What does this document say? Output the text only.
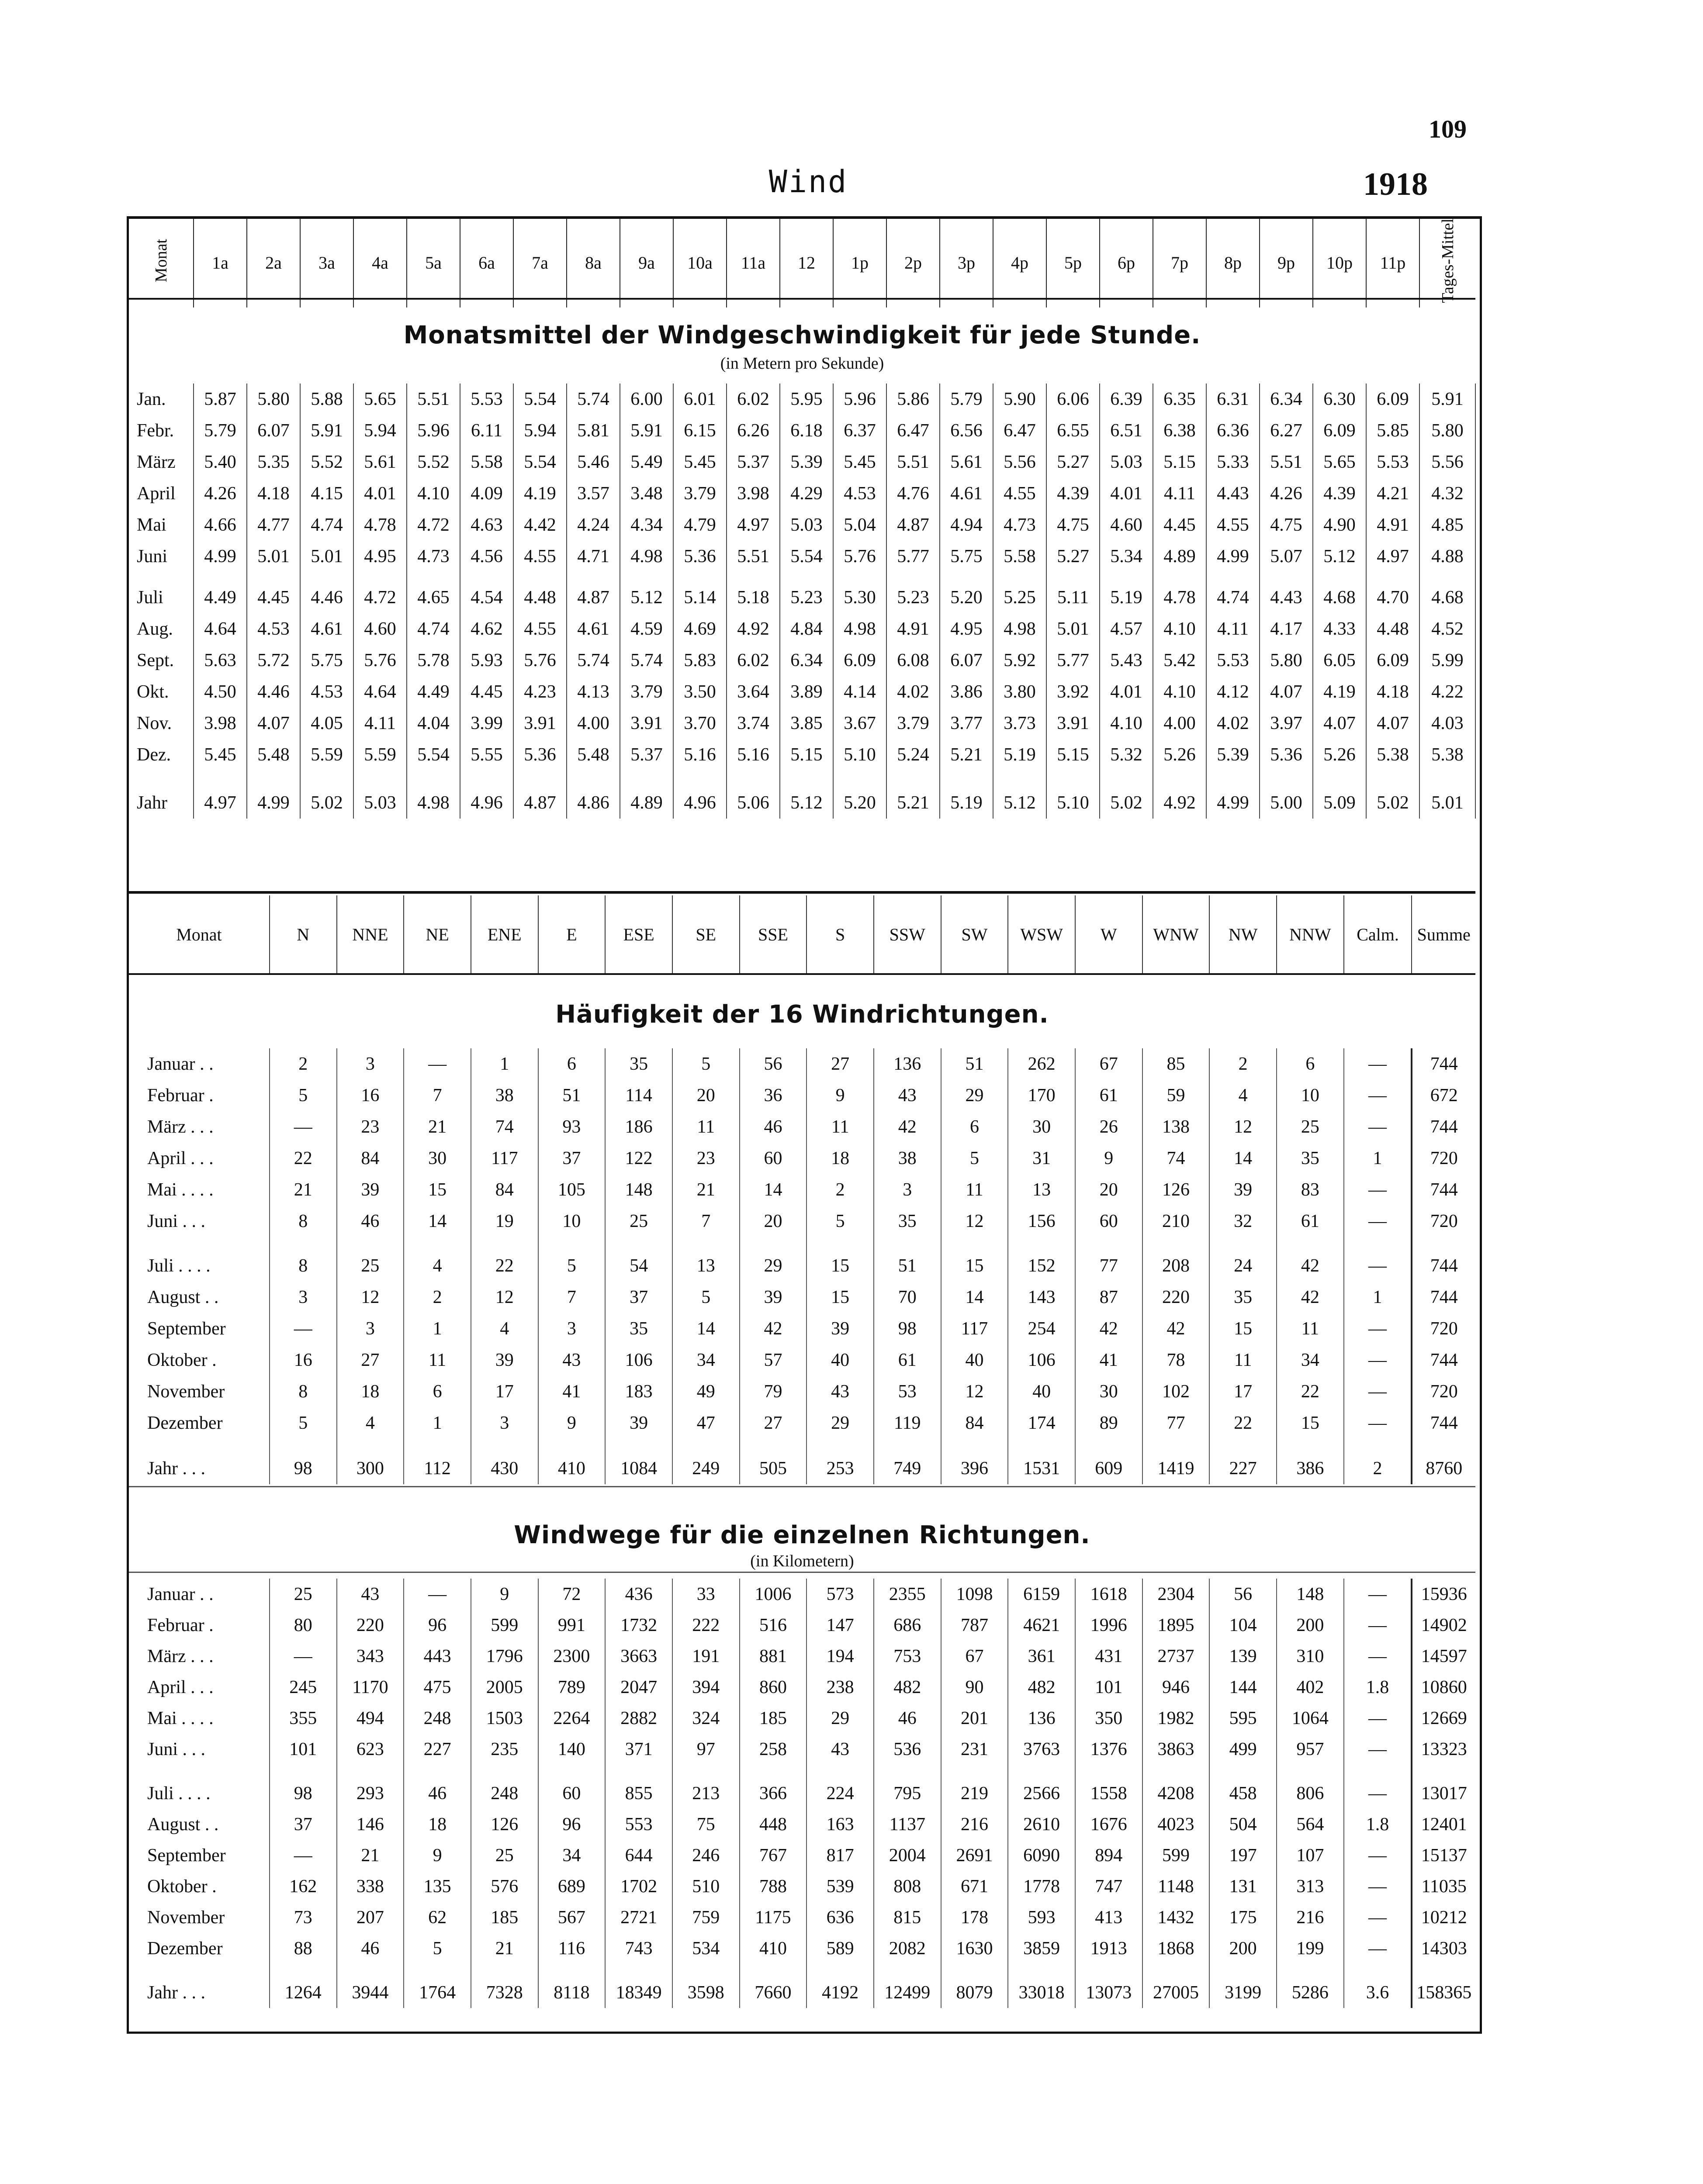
109
Wind	1918
Monat	1a	2a	3a	4a	5a	6a	7a	8a	9a	10a	11a	12	1p	2p	3p	4p	5p	6p	7p	8p	9p	10p	11p	Tages-Mittel
Monatsmittel der Windgeschwindigkeit für jede Stunde.
(in Metern pro Sekunde)
Jan.	5.87	5.80	5.88	5.65	5.51	5.53	5.54	5.74	6.00	6.01	6.02	5.95	5.96	5.86	5.79	5.90	6.06	6.39	6.35	6.31	6.34	6.30	6.09	5.91	
Febr.	5.79	6.07	5.91	5.94	5.96	6.11	5.94	5.81	5.91	6.15	6.26	6.18	6.37	6.47	6.56	6.47	6.55	6.51	6.38	6.36	6.27	6.09	5.85	5.80	
März	5.40	5.35	5.52	5.61	5.52	5.58	5.54	5.46	5.49	5.45	5.37	5.39	5.45	5.51	5.61	5.56	5.27	5.03	5.15	5.33	5.51	5.65	5.53	5.56	
April	4.26	4.18	4.15	4.01	4.10	4.09	4.19	3.57	3.48	3.79	3.98	4.29	4.53	4.76	4.61	4.55	4.39	4.01	4.11	4.43	4.26	4.39	4.21	4.32	
Mai	4.66	4.77	4.74	4.78	4.72	4.63	4.42	4.24	4.34	4.79	4.97	5.03	5.04	4.87	4.94	4.73	4.75	4.60	4.45	4.55	4.75	4.90	4.91	4.85	
Juni	4.99	5.01	5.01	4.95	4.73	4.56	4.55	4.71	4.98	5.36	5.51	5.54	5.76	5.77	5.75	5.58	5.27	5.34	4.89	4.99	5.07	5.12	4.97	4.88	
Juli	4.49	4.45	4.46	4.72	4.65	4.54	4.48	4.87	5.12	5.14	5.18	5.23	5.30	5.23	5.20	5.25	5.11	5.19	4.78	4.74	4.43	4.68	4.70	4.68	
Aug.	4.64	4.53	4.61	4.60	4.74	4.62	4.55	4.61	4.59	4.69	4.92	4.84	4.98	4.91	4.95	4.98	5.01	4.57	4.10	4.11	4.17	4.33	4.48	4.52	
Sept.	5.63	5.72	5.75	5.76	5.78	5.93	5.76	5.74	5.74	5.83	6.02	6.34	6.09	6.08	6.07	5.92	5.77	5.43	5.42	5.53	5.80	6.05	6.09	5.99	
Okt.	4.50	4.46	4.53	4.64	4.49	4.45	4.23	4.13	3.79	3.50	3.64	3.89	4.14	4.02	3.86	3.80	3.92	4.01	4.10	4.12	4.07	4.19	4.18	4.22	
Nov.	3.98	4.07	4.05	4.11	4.04	3.99	3.91	4.00	3.91	3.70	3.74	3.85	3.67	3.79	3.77	3.73	3.91	4.10	4.00	4.02	3.97	4.07	4.07	4.03	
Dez.	5.45	5.48	5.59	5.59	5.54	5.55	5.36	5.48	5.37	5.16	5.16	5.15	5.10	5.24	5.21	5.19	5.15	5.32	5.26	5.39	5.36	5.26	5.38	5.38	
Jahr	4.97	4.99	5.02	5.03	4.98	4.96	4.87	4.86	4.89	4.96	5.06	5.12	5.20	5.21	5.19	5.12	5.10	5.02	4.92	4.99	5.00	5.09	5.02	5.01	
Monat	N	NNE	NE	ENE	E	ESE	SE	SSE	S	SSW	SW	WSW	W	WNW	NW	NNW	Calm.	Summe
Häufigkeit der 16 Windrichtungen.
Januar . .	2	3	—	1	6	35	5	56	27	136	51	262	67	85	2	6	—	744
Februar .	5	16	7	38	51	114	20	36	9	43	29	170	61	59	4	10	—	672
März . . .	—	23	21	74	93	186	11	46	11	42	6	30	26	138	12	25	—	744
April . . .	22	84	30	117	37	122	23	60	18	38	5	31	9	74	14	35	1	720
Mai . . . .	21	39	15	84	105	148	21	14	2	3	11	13	20	126	39	83	—	744
Juni . . .	8	46	14	19	10	25	7	20	5	35	12	156	60	210	32	61	—	720
Juli . . . .	8	25	4	22	5	54	13	29	15	51	15	152	77	208	24	42	—	744
August . .	3	12	2	12	7	37	5	39	15	70	14	143	87	220	35	42	1	744
September	—	3	1	4	3	35	14	42	39	98	117	254	42	42	15	11	—	720
Oktober .	16	27	11	39	43	106	34	57	40	61	40	106	41	78	11	34	—	744
November	8	18	6	17	41	183	49	79	43	53	12	40	30	102	17	22	—	720
Dezember	5	4	1	3	9	39	47	27	29	119	84	174	89	77	22	15	—	744
Jahr . . .	98	300	112	430	410	1084	249	505	253	749	396	1531	609	1419	227	386	2	8760
Windwege für die einzelnen Richtungen.
(in Kilometern)
Januar . .	25	43	—	9	72	436	33	1006	573	2355	1098	6159	1618	2304	56	148	—	15936
Februar .	80	220	96	599	991	1732	222	516	147	686	787	4621	1996	1895	104	200	—	14902
März . . .	—	343	443	1796	2300	3663	191	881	194	753	67	361	431	2737	139	310	—	14597
April . . .	245	1170	475	2005	789	2047	394	860	238	482	90	482	101	946	144	402	1.8	10860
Mai . . . .	355	494	248	1503	2264	2882	324	185	29	46	201	136	350	1982	595	1064	—	12669
Juni . . .	101	623	227	235	140	371	97	258	43	536	231	3763	1376	3863	499	957	—	13323
Juli . . . .	98	293	46	248	60	855	213	366	224	795	219	2566	1558	4208	458	806	—	13017
August . .	37	146	18	126	96	553	75	448	163	1137	216	2610	1676	4023	504	564	1.8	12401
September	—	21	9	25	34	644	246	767	817	2004	2691	6090	894	599	197	107	—	15137
Oktober .	162	338	135	576	689	1702	510	788	539	808	671	1778	747	1148	131	313	—	11035
November	73	207	62	185	567	2721	759	1175	636	815	178	593	413	1432	175	216	—	10212
Dezember	88	46	5	21	116	743	534	410	589	2082	1630	3859	1913	1868	200	199	—	14303
Jahr . . .	1264	3944	1764	7328	8118	18349	3598	7660	4192	12499	8079	33018	13073	27005	3199	5286	3.6	158365
